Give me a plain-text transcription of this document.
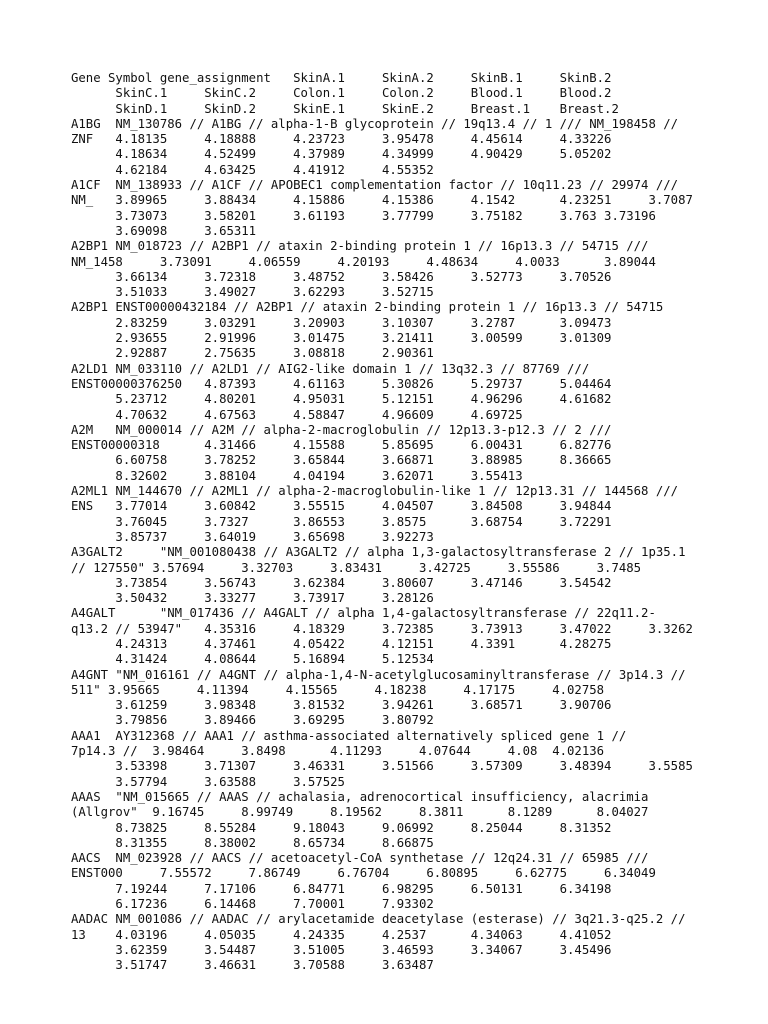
Gene Symbol gene_assignment   SkinA.1     SkinA.2     SkinB.1     SkinB.2
SkinC.1     SkinC.2     Colon.1     Colon.2     Blood.1     Blood.2
SkinD.1     SkinD.2     SkinE.1     SkinE.2     Breast.1    Breast.2
A1BG  NM_130786 // A1BG // alpha-1-B glycoprotein // 19q13.4 // 1 /// NM_198458 //
ZNF   4.18135     4.18888     4.23723     3.95478     4.45614     4.33226
4.18634     4.52499     4.37989     4.34999     4.90429     5.05202
4.62184     4.63425     4.41912     4.55352
A1CF  NM_138933 // A1CF // APOBEC1 complementation factor // 10q11.23 // 29974 ///
NM_   3.89965     3.88434     4.15886     4.15386     4.1542      4.23251     3.7087
3.73073     3.58201     3.61193     3.77799     3.75182     3.763 3.73196
3.69098     3.65311
A2BP1 NM_018723 // A2BP1 // ataxin 2-binding protein 1 // 16p13.3 // 54715 ///
NM_1458     3.73091     4.06559     4.20193     4.48634     4.0033      3.89044
3.66134     3.72318     3.48752     3.58426     3.52773     3.70526
3.51033     3.49027     3.62293     3.52715
A2BP1 ENST00000432184 // A2BP1 // ataxin 2-binding protein 1 // 16p13.3 // 54715
2.83259     3.03291     3.20903     3.10307     3.2787      3.09473
2.93655     2.91996     3.01475     3.21411     3.00599     3.01309
2.92887     2.75635     3.08818     2.90361
A2LD1 NM_033110 // A2LD1 // AIG2-like domain 1 // 13q32.3 // 87769 ///
ENST00000376250   4.87393     4.61163     5.30826     5.29737     5.04464
5.23712     4.80201     4.95031     5.12151     4.96296     4.61682
4.70632     4.67563     4.58847     4.96609     4.69725
A2M   NM_000014 // A2M // alpha-2-macroglobulin // 12p13.3-p12.3 // 2 ///
ENST00000318      4.31466     4.15588     5.85695     6.00431     6.82776
6.60758     3.78252     3.65844     3.66871     3.88985     8.36665
8.32602     3.88104     4.04194     3.62071     3.55413
A2ML1 NM_144670 // A2ML1 // alpha-2-macroglobulin-like 1 // 12p13.31 // 144568 ///
ENS   3.77014     3.60842     3.55515     4.04507     3.84508     3.94844
3.76045     3.7327      3.86553     3.8575      3.68754     3.72291
3.85737     3.64019     3.65698     3.92273
A3GALT2     "NM_001080438 // A3GALT2 // alpha 1,3-galactosyltransferase 2 // 1p35.1
// 127550" 3.57694     3.32703     3.83431     3.42725     3.55586     3.7485
3.73854     3.56743     3.62384     3.80607     3.47146     3.54542
3.50432     3.33277     3.73917     3.28126
A4GALT      "NM_017436 // A4GALT // alpha 1,4-galactosyltransferase // 22q11.2-
q13.2 // 53947"   4.35316     4.18329     3.72385     3.73913     3.47022     3.3262
4.24313     4.37461     4.05422     4.12151     4.3391      4.28275
4.31424     4.08644     5.16894     5.12534
A4GNT "NM_016161 // A4GNT // alpha-1,4-N-acetylglucosaminyltransferase // 3p14.3 //
511" 3.95665     4.11394     4.15565     4.18238     4.17175     4.02758
3.61259     3.98348     3.81532     3.94261     3.68571     3.90706
3.79856     3.89466     3.69295     3.80792
AAA1  AY312368 // AAA1 // asthma-associated alternatively spliced gene 1 //
7p14.3 //  3.98464     3.8498      4.11293     4.07644     4.08  4.02136
3.53398     3.71307     3.46331     3.51566     3.57309     3.48394     3.5585
3.57794     3.63588     3.57525
AAAS  "NM_015665 // AAAS // achalasia, adrenocortical insufficiency, alacrimia
(Allgrov"  9.16745     8.99749     8.19562     8.3811      8.1289      8.04027
8.73825     8.55284     9.18043     9.06992     8.25044     8.31352
8.31355     8.38002     8.65734     8.66875
AACS  NM_023928 // AACS // acetoacetyl-CoA synthetase // 12q24.31 // 65985 ///
ENST000     7.55572     7.86749     6.76704     6.80895     6.62775     6.34049
7.19244     7.17106     6.84771     6.98295     6.50131     6.34198
6.17236     6.14468     7.70001     7.93302
AADAC NM_001086 // AADAC // arylacetamide deacetylase (esterase) // 3q21.3-q25.2 //
13    4.03196     4.05035     4.24335     4.2537      4.34063     4.41052
3.62359     3.54487     3.51005     3.46593     3.34067     3.45496
3.51747     3.46631     3.70588     3.63487
